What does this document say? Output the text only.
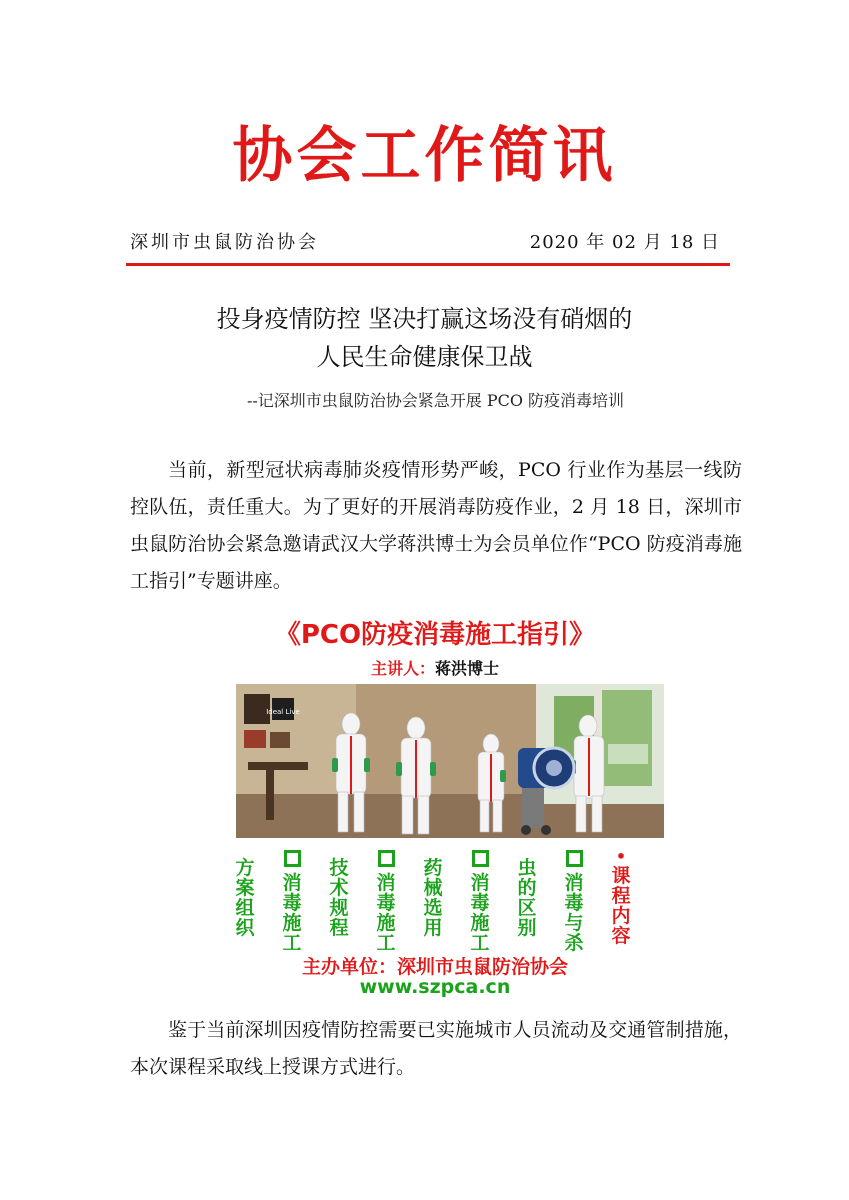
协会工作简讯
深圳市虫鼠防治协会	2020 年 02 月 18 日
投身疫情防控 坚决打赢这场没有硝烟的
人民生命健康保卫战
--记深圳市虫鼠防治协会紧急开展 PCO 防疫消毒培训
当前，新型冠状病毒肺炎疫情形势严峻，PCO 行业作为基层一线防控队伍，责任重大。为了更好的开展消毒防疫作业，2 月 18 日，深圳市虫鼠防治协会紧急邀请武汉大学蒋洪博士为会员单位作“PCO 防疫消毒施工指引”专题讲座。
《PCO防疫消毒施工指引》
主讲人：蒋洪博士
Ideal Live
方
案
组
织
消
毒
施
工
技
术
规
程
消
毒
施
工
药
械
选
用
消
毒
施
工
虫
的
区
别
消
毒
与
杀
•
课
程
内
容
主办单位：深圳市虫鼠防治协会
www.szpca.cn
鉴于当前深圳因疫情防控需要已实施城市人员流动及交通管制措施，本次课程采取线上授课方式进行。
